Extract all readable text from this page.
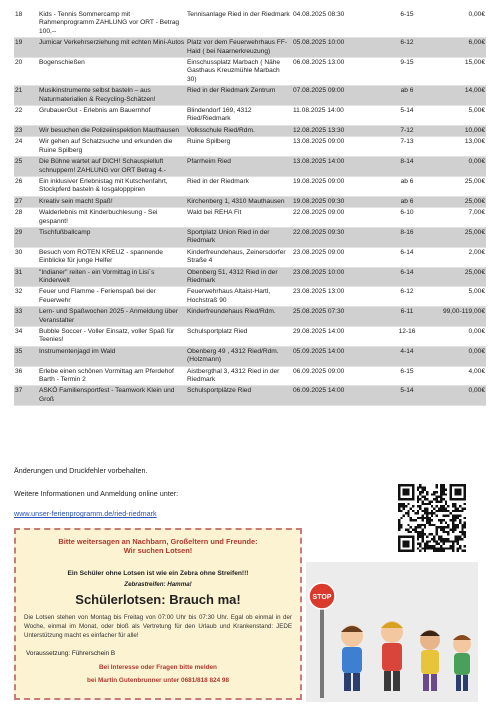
18	Kids - Tennis Sommercamp mit Rahmenprogramm ZAHLUNG vor ORT - Betrag 100,--	Tennisanlage Ried in der Riedmark	04.08.2025 08:30	6-15	0,00€
19	Jumicar Verkehrserziehung mit echten Mini-Autos	Platz vor dem Feuerwehrhaus FF-Haid ( bei Naarnerkreuzung)	05.08.2025 10:00	6-12	6,00€
20	Bogenschießen	Einschussplatz Marbach ( Nähe Gasthaus Kreuzmühle Marbach 30)	06.08.2025 13:00	9-15	15,00€
21	Musikinstrumente selbst basteln – aus Naturmaterialien & Recycling-Schätzen!	Ried in der Riedmark Zentrum	07.08.2025 09:00	ab 6	14,00€
22	GrubauerGut - Erlebnis am Bauernhof	Blindendorf 169, 4312 Ried/Riedmark	11.08.2025 14:00	5-14	5,00€
23	Wir besuchen die Polizeiinspektion Mauthausen	Volksschule Ried/Rdm.	12.08.2025 13:30	7-12	10,00€
24	Wir gehen auf Schatzsuche und erkunden die Ruine Spilberg	Ruine Spilberg	13.08.2025 09:00	7-13	13,00€
25	Die Bühne wartet auf DICH! Schauspielluft schnuppern! ZAHLUNG vor ORT Betrag 4.-	Pfarrheim Ried	13.08.2025 14:00	8-14	0,00€
26	Ein inklusiver Erlebnistag mit Kutschenfahrt, Stockpferd basteln & Iosgalopppiren	Ried in der Riedmark	19.08.2025 09:00	ab 6	25,00€
27	Kreativ sein macht Spaß!	Kirchenberg 1, 4310 Mauthausen	19.08.2025 09:30	ab 6	25,00€
28	Walderlebnis mit Kinderbuchlesung - Sei gespannt!	Wald bei REHA Fit	22.08.2025 09:00	6-10	7,00€
29	Tischfußballcamp	Sportplatz Union Ried in der Riedmark	22.08.2025 09:30	8-16	25,00€
30	Besuch vom ROTEN KREUZ - spannende Einblicke für junge Helfer	Kinderfreundehaus, Zeinersdorfer Straße 4	23.08.2025 09:00	6-14	2,00€
31	"Indianer" reiten - ein Vormittag in Lisi`s Kinderwelt	Obenberg 51, 4312 Ried in der Riedmark	23.08.2025 10:00	6-14	25,00€
32	Feuer und Flamme - Ferienspaß bei der Feuerwehr	Feuerwehrhaus Altaist-Hartl, Hochstraß 90	23.08.2025 13:00	6-12	5,00€
33	Lern- und Spaßwochen 2025 - Anmeldung über Veranstalter	Kinderfreundehaus Ried/Rdm.	25.08.2025 07:30	6-11	99,00-119,00€
34	Bubble Soccer - Voller Einsatz, voller Spaß für Teenies!	Schulsportplatz Ried	29.08.2025 14:00	12-16	0,00€
35	Instrumentenjagd im Wald	Obenberg 49 , 4312 Ried/Rdm. (Holzmann)	05.09.2025 14:00	4-14	0,00€
36	Erlebe einen schönen Vormittag am Pferdehof Barth - Termin 2	Aistbergthal 3, 4312 Ried in der Riedmark	06.09.2025 09:00	6-15	4,00€
37	ASKÖ Familiensportfest - Teamwork Klein und Groß	Schulsportplätze Ried	06.09.2025 14:00	5-14	0,00€
Änderungen und Druckfehler vorbehalten.
Weitere Informationen und Anmeldung online unter:
www.unser-ferienprogramm.de/ried-riedmark
Bitte weitersagen an Nachbarn, Großeltern und Freunde:
Wir suchen Lotsen!
Ein Schüler ohne Lotsen ist wie ein Zebra ohne Streifen!!!
Zebrastreifen: Hamma!
Schülerlotsen: Brauch ma!
Die Lotsen stehen von Montag bis Freitag von 07:00 Uhr bis 07:30 Uhr. Egal ob einmal in der Woche, einmal im Monat, oder bloß als Vertretung für den Urlaub und Krankenstand: JEDE Unterstützung macht es einfacher für alle!
Voraussetzung: Führerschein B
Bei Interesse oder Fragen bitte melden
bei Martin Gutenbrunner unter 0681/818 824 98
STOP
